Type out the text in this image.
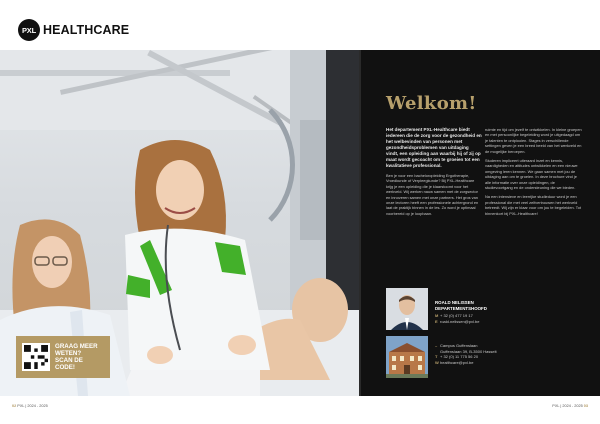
PXL HEALTHCARE
GRAAG MEER
WETEN?
SCAN DE
CODE!
Welkom!

Het departement PXL-Healthcare biedt iedereen die de zorg voor de gezondheid en het welbevinden van personen met gezondheidsproblemen van uitdaging vindt, een opleiding aan waarbij hij of zij op maat wordt gecoacht om te groeien tot een kwalitatieve professional.

Ben je voor een bacheloropleiding Ergotherapie, Vroedkunde of Verpleegkunde? Bij PXL-Healthcare krijg je een opleiding die je klaarstoomt voor het werkveld. Wij werken nauw samen met de zorgsector en innoveren samen met onze partners. Het gros van onze lectoren heeft een professionele achtergrond en laat de praktijk binnen in de les. Zo word je optimaal voorbereid op je loopbaan.

ruimte en tijd om jezelf te ontwikkelen. In kleine groepen en met persoonlijke begeleiding word je uitgedaagd om je talenten te ontplooien. Stages in verschillende settingen geven je een breed beeld van het werkveld en de mogelijke beroepen.

Studeren impliceert uiteraard inzet en kennis, vaardigheden en attitudes ontwikkelen en een nieuwe omgeving leren kennen. We gaan samen met jou de uitdaging aan om te groeien. In deze brochure vind je alle informatie over onze opleidingen, de studievoortgang en de ondersteuning die we bieden.

Na een intensieve en leerrijke studieduur word je een professional die met veel zelfvertrouwen het werkveld betreedt. Wij zijn er klaar voor om jou te begeleiden. Tot binnenkort bij PXL-Healthcare!

ROALD NELISSEN
DEPARTEMENTSHOOFD
M + 32 (0) 477 19 17
E roald.nelissen@pxl.be
– Campus Guffenslaan
Guffenslaan 39, B-3500 Hasselt
T + 32 (0) 11 775 56 20
W healthcare@pxl.be
02 PXL | 2024 - 2025	PXL | 2024 - 2025 03
